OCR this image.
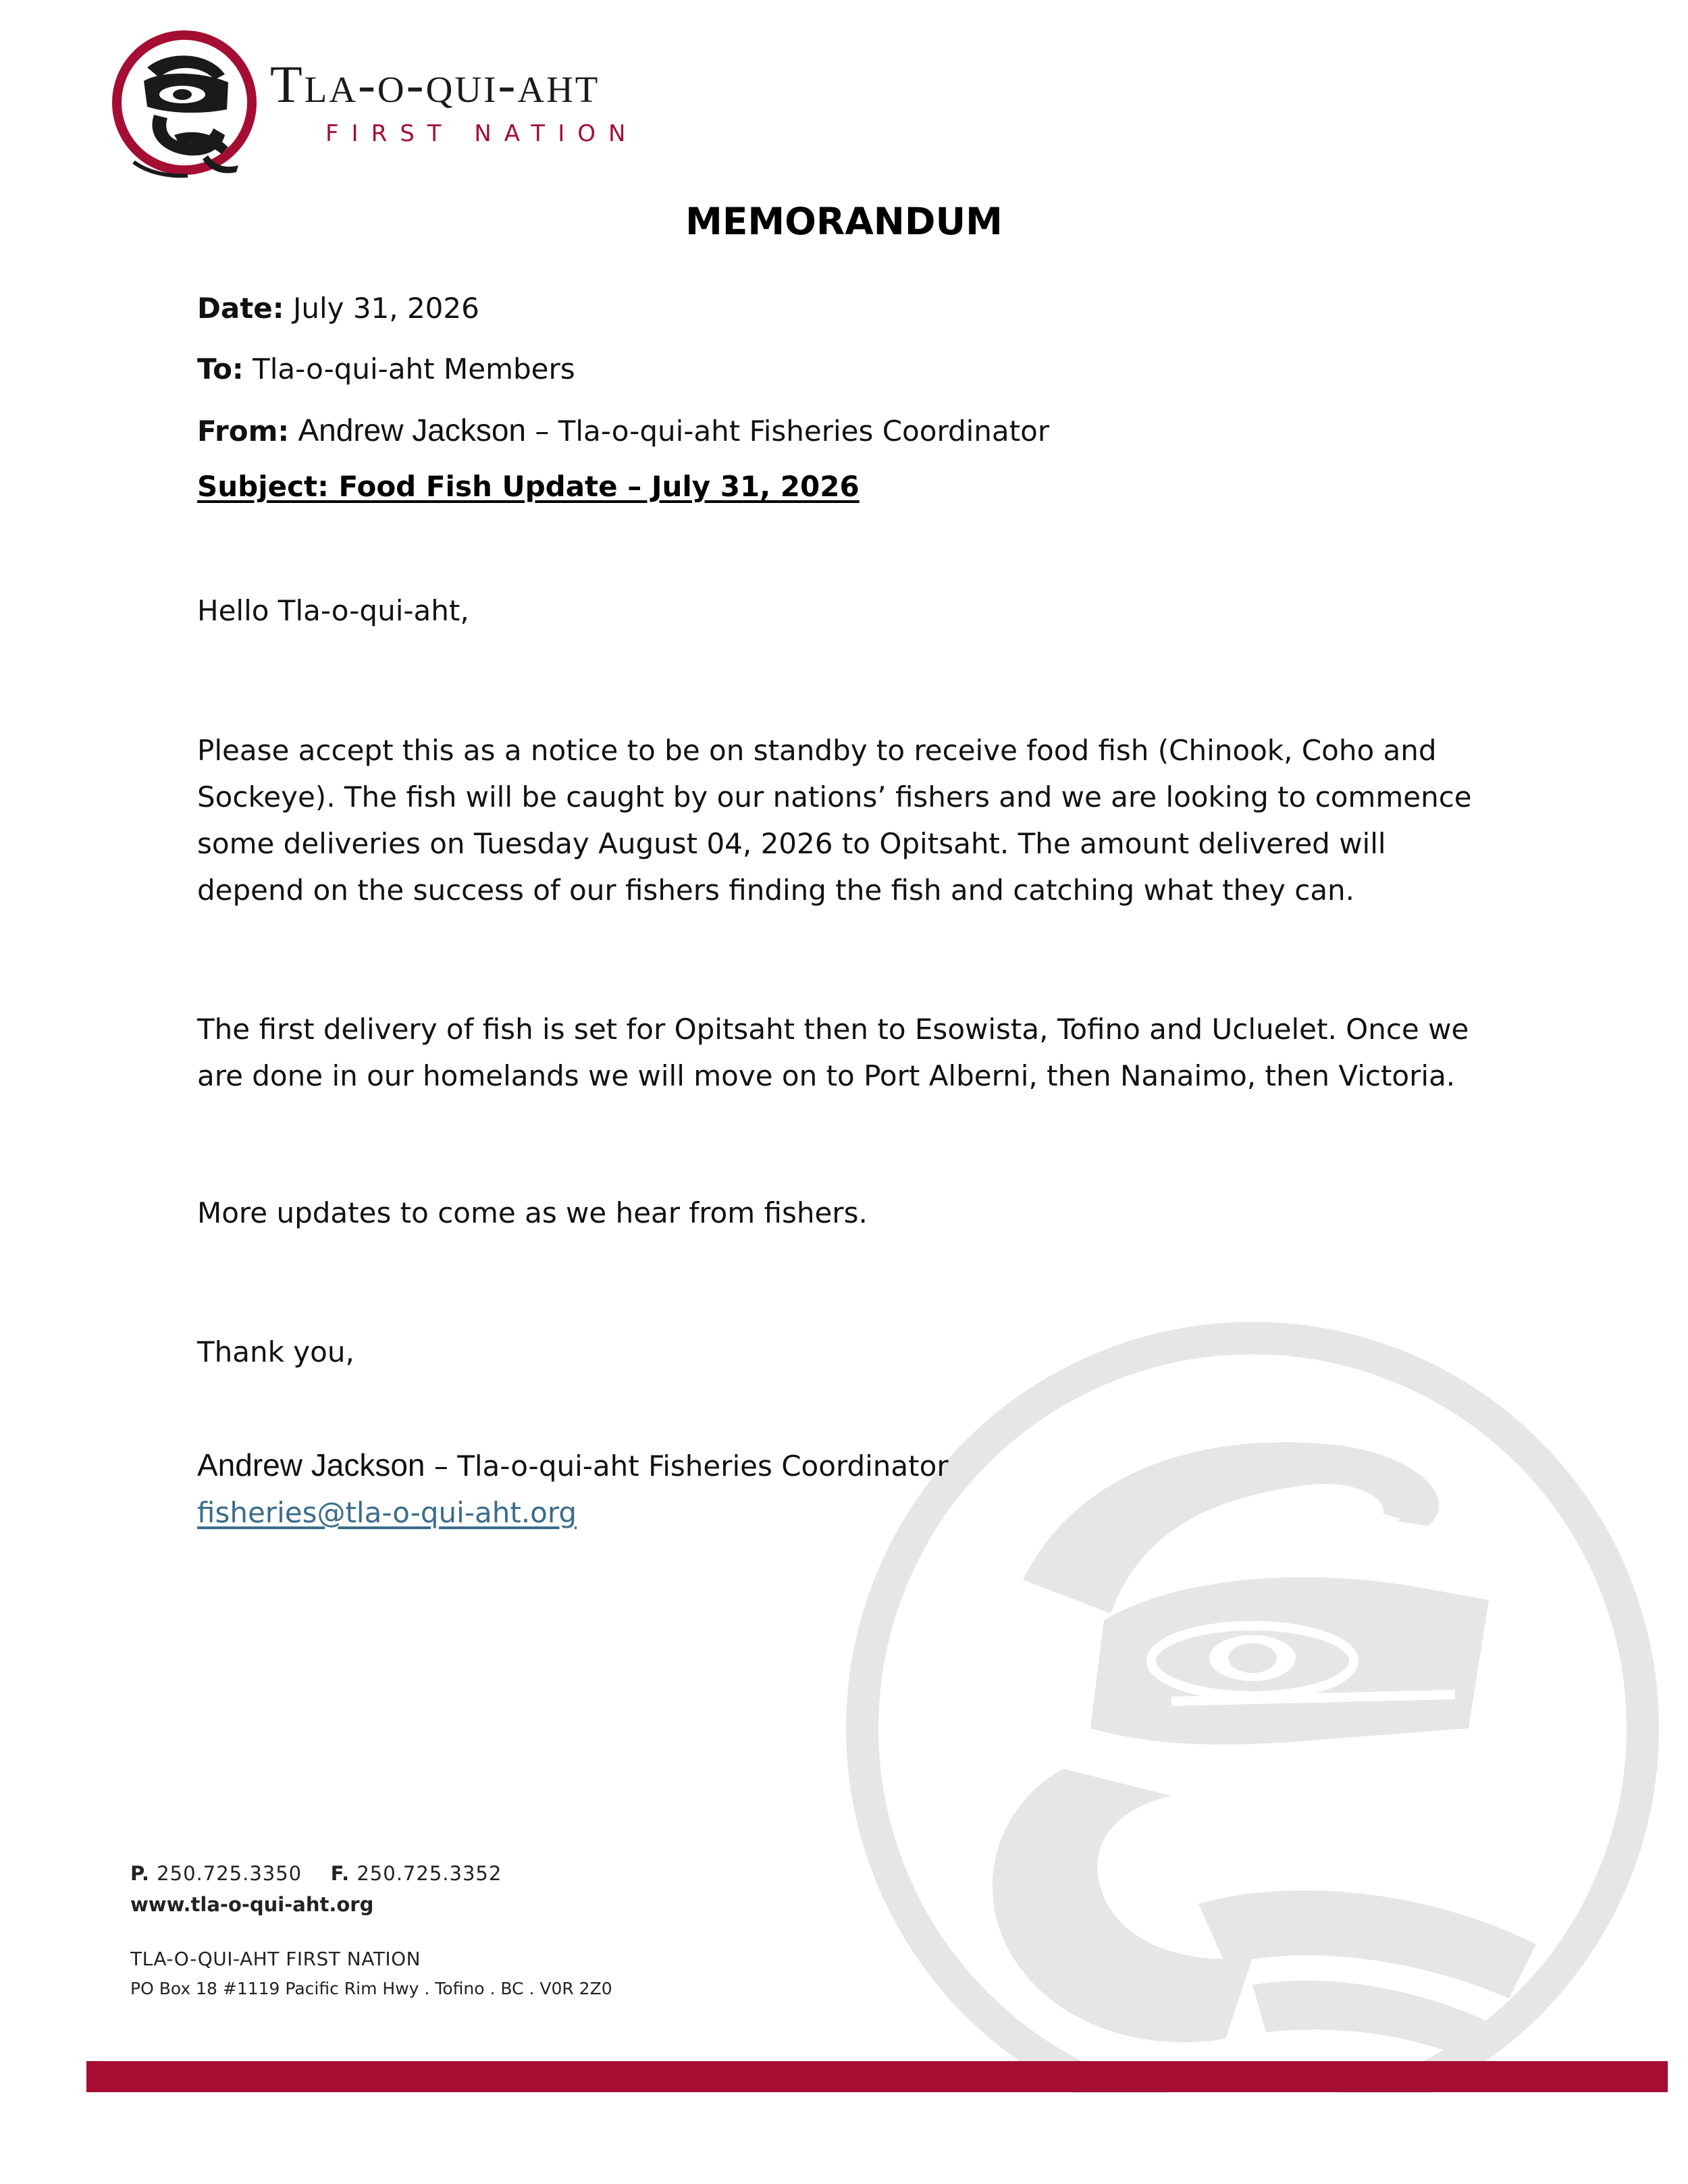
Tla-o-qui-aht
FIRST NATION
MEMORANDUM
Date: July 31, 2026
To: Tla-o-qui-aht Members
From: Andrew Jackson – Tla-o-qui-aht Fisheries Coordinator
Subject: Food Fish Update – July 31, 2026
Hello Tla-o-qui-aht,
Please accept this as a notice to be on standby to receive food fish (Chinook, Coho and
Sockeye). The fish will be caught by our nations’ fishers and we are looking to commence
some deliveries on Tuesday August 04, 2026 to Opitsaht. The amount delivered will
depend on the success of our fishers finding the fish and catching what they can.
The first delivery of fish is set for Opitsaht then to Esowista, Tofino and Ucluelet. Once we
are done in our homelands we will move on to Port Alberni, then Nanaimo, then Victoria.
More updates to come as we hear from fishers.
Thank you,
Andrew Jackson – Tla-o-qui-aht Fisheries Coordinator
fisheries@tla-o-qui-aht.org
P. 250.725.3350 F. 250.725.3352
www.tla-o-qui-aht.org
TLA-O-QUI-AHT FIRST NATION
PO Box 18 #1119 Pacific Rim Hwy . Tofino . BC . V0R 2Z0
